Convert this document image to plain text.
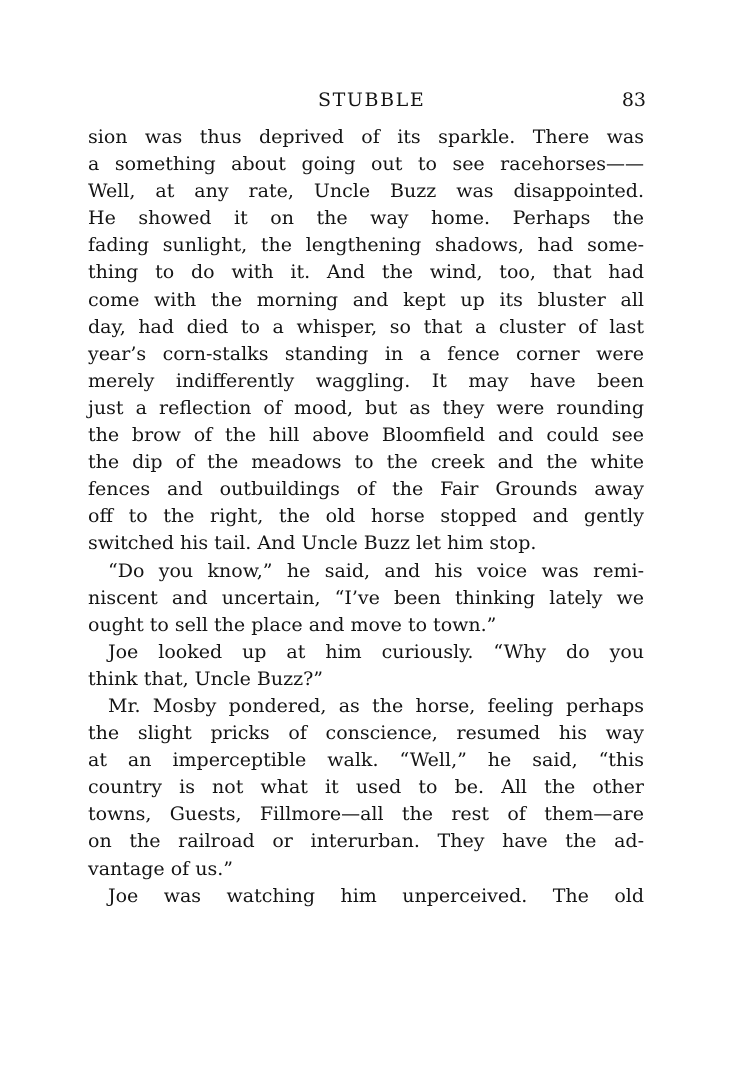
STUBBLE	83
sion was thus deprived of its sparkle. There was
a something about going out to see racehorses——
Well, at any rate, Uncle Buzz was disappointed.
He showed it on the way home. Perhaps the
fading sunlight, the lengthening shadows, had some-
thing to do with it. And the wind, too, that had
come with the morning and kept up its bluster all
day, had died to a whisper, so that a cluster of last
year’s corn-stalks standing in a fence corner were
merely indifferently waggling. It may have been
just a reflection of mood, but as they were rounding
the brow of the hill above Bloomfield and could see
the dip of the meadows to the creek and the white
fences and outbuildings of the Fair Grounds away
off to the right, the old horse stopped and gently
switched his tail. And Uncle Buzz let him stop.
“Do you know,” he said, and his voice was remi-
niscent and uncertain, “I’ve been thinking lately we
ought to sell the place and move to town.”
Joe looked up at him curiously. “Why do you
think that, Uncle Buzz?”
Mr. Mosby pondered, as the horse, feeling perhaps
the slight pricks of conscience, resumed his way
at an imperceptible walk. “Well,” he said, “this
country is not what it used to be. All the other
towns, Guests, Fillmore—all the rest of them—are
on the railroad or interurban. They have the ad-
vantage of us.”
Joe was watching him unperceived. The old
